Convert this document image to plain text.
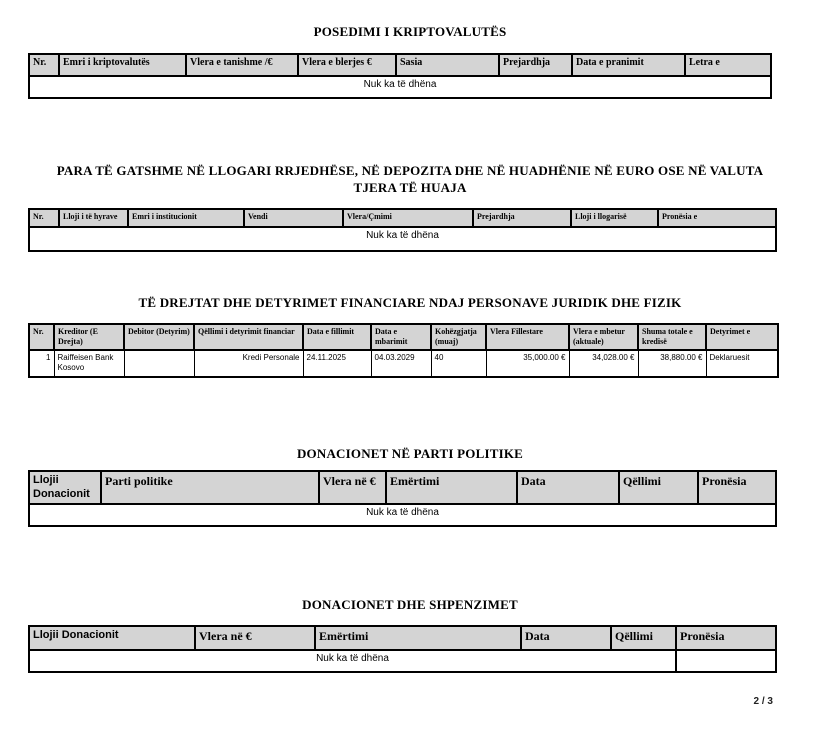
POSEDIMI I KRIPTOVALUTËS
Nr.	Emri i kriptovalutës	Vlera e tanishme /€	Vlera e blerjes €	Sasia	Prejardhja	Data e pranimit	Letra e
Nuk ka të dhëna
PARA TË GATSHME NË LLOGARI RRJEDHËSE, NË DEPOZITA DHE NË HUADHËNIE NË EURO OSE NË VALUTA TJERA TË HUAJA
Nr.	Lloji i të hyrave	Emri i institucionit	Vendi	Vlera/Çmimi	Prejardhja	Lloji i llogarisë	Pronësia e
Nuk ka të dhëna
TË DREJTAT DHE DETYRIMET FINANCIARE NDAJ PERSONAVE JURIDIK DHE FIZIK
Nr.	Kreditor (E Drejta)	Debitor (Detyrim)	Qëllimi i detyrimit financiar	Data e fillimit	Data e mbarimit	Kohëzgjatja (muaj)	Vlera Fillestare	Vlera e mbetur (aktuale)	Shuma totale e kredisë	Detyrimet e
1	Raiffeisen Bank Kosovo		Kredi Personale	24.11.2025	04.03.2029	40	35,000.00 €	34,028.00 €	38,880.00 €	Deklaruesit
DONACIONET NË PARTI POLITIKE
Llojii Donacionit	Parti politike	Vlera në €	Emërtimi	Data	Qëllimi	Pronësia
Nuk ka të dhëna
DONACIONET DHE SHPENZIMET
Llojii Donacionit	Vlera në €	Emërtimi	Data	Qëllimi	Pronësia
Nuk ka të dhëna					
2 / 3
